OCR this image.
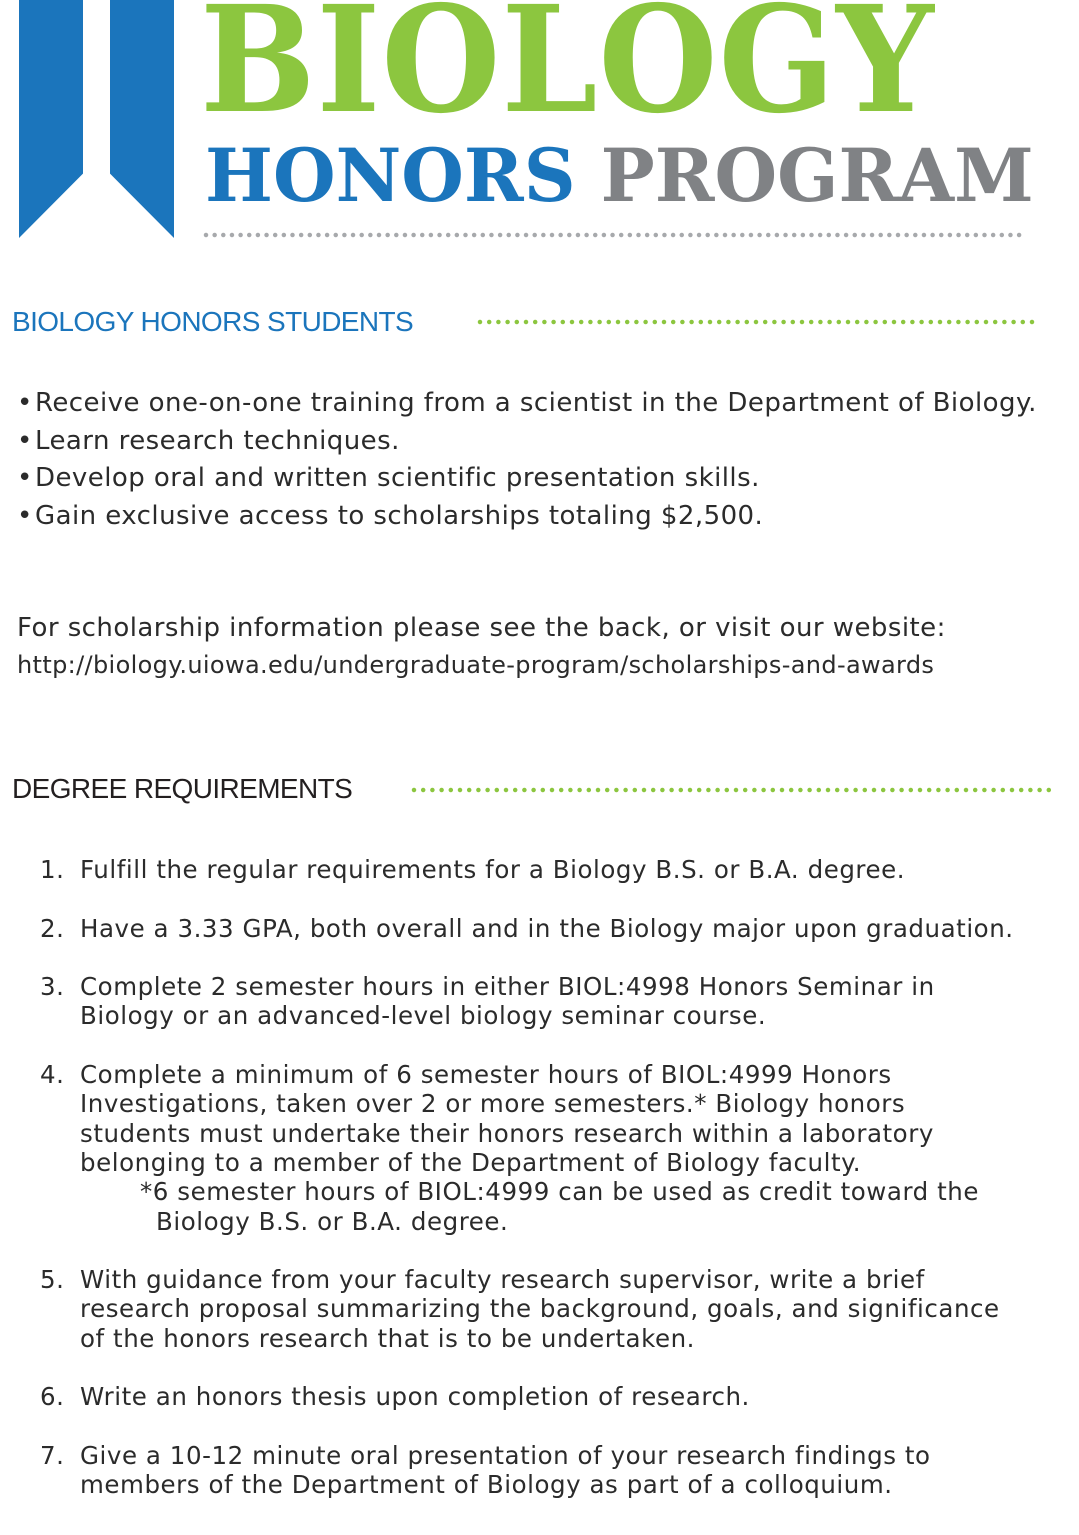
BIOLOGY
HONORS PROGRAM
BIOLOGY HONORS STUDENTS
• Receive one-on-one training from a scientist in the Department of Biology.
• Learn research techniques.
• Develop oral and written scientific presentation skills.
• Gain exclusive access to scholarships totaling $2,500.
For scholarship information please see the back, or visit our website:
http://biology.uiowa.edu/undergraduate-program/scholarships-and-awards
DEGREE REQUIREMENTS
1. Fulfill the regular requirements for a Biology B.S. or B.A. degree.
2. Have a 3.33 GPA, both overall and in the Biology major upon graduation.
3. Complete 2 semester hours in either BIOL:4998 Honors Seminar in Biology or an advanced-level biology seminar course.
4. Complete a minimum of 6 semester hours of BIOL:4999 Honors Investigations, taken over 2 or more semesters.* Biology honors students must undertake their honors research within a laboratory belonging to a member of the Department of Biology faculty.
*6 semester hours of BIOL:4999 can be used as credit toward the Biology B.S. or B.A. degree.
5. With guidance from your faculty research supervisor, write a brief research proposal summarizing the background, goals, and significance of the honors research that is to be undertaken.
6. Write an honors thesis upon completion of research.
7. Give a 10-12 minute oral presentation of your research findings to members of the Department of Biology as part of a colloquium.
